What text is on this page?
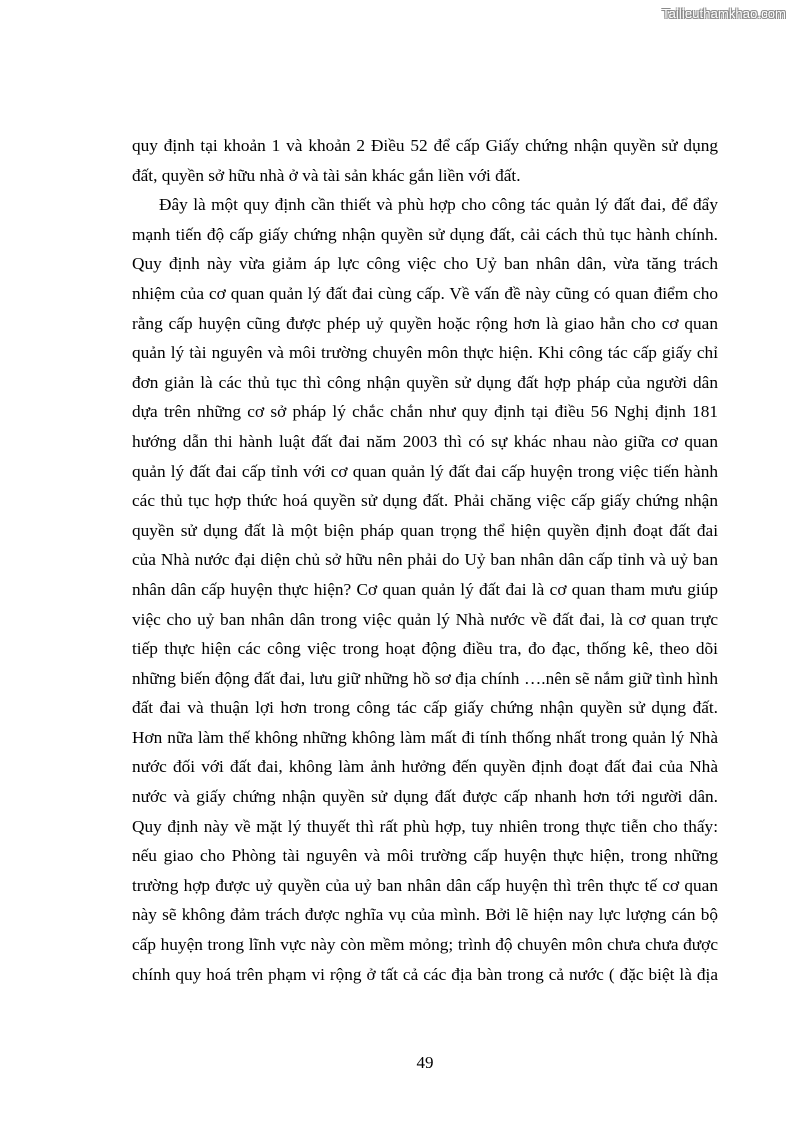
Tailieuthamkhao.com
quy định tại khoản 1 và khoản 2 Điều 52 để cấp Giấy chứng nhận quyền sử dụng
đất, quyền sở hữu nhà ở và tài sản khác gắn liền với đất.
Đây là một quy định cần thiết và phù hợp cho công tác quản lý đất đai, để đẩy
mạnh tiến độ cấp giấy chứng nhận quyền sử dụng đất, cải cách thủ tục hành chính.
Quy định này vừa giảm áp lực công việc cho Uỷ ban nhân dân, vừa tăng trách
nhiệm của cơ quan quản lý đất đai cùng cấp. Về vấn đề này cũng có quan điểm cho
rằng cấp huyện cũng được phép uỷ quyền hoặc rộng hơn là giao hẳn cho cơ quan
quản lý tài nguyên và môi trường chuyên môn thực hiện. Khi công tác cấp giấy chỉ
đơn giản là các thủ tục thì công nhận quyền sử dụng đất hợp pháp của người dân
dựa trên những cơ sở pháp lý chắc chắn như quy định tại điều 56 Nghị định 181
hướng dẫn thi hành luật đất đai năm 2003 thì có sự khác nhau nào giữa cơ quan
quản lý đất đai cấp tỉnh với cơ quan quản lý đất đai cấp huyện trong việc tiến hành
các thủ tục hợp thức hoá quyền sử dụng đất. Phải chăng việc cấp giấy chứng nhận
quyền sử dụng đất là một biện pháp quan trọng thể hiện quyền định đoạt đất đai
của Nhà nước đại diện chủ sở hữu nên phải do Uỷ ban nhân dân cấp tỉnh và uỷ ban
nhân dân cấp huyện thực hiện? Cơ quan quản lý đất đai là cơ quan tham mưu giúp
việc cho uỷ ban nhân dân trong việc quản lý Nhà nước về đất đai, là cơ quan trực
tiếp thực hiện các công việc trong hoạt động điều tra, đo đạc, thống kê, theo dõi
những biến động đất đai, lưu giữ những hồ sơ địa chính ….nên sẽ nắm giữ tình hình
đất đai và thuận lợi hơn trong công tác cấp giấy chứng nhận quyền sử dụng đất.
Hơn nữa làm thế không những không làm mất đi tính thống nhất trong quản lý Nhà
nước đối với đất đai, không làm ảnh hưởng đến quyền định đoạt đất đai của Nhà
nước và giấy chứng nhận quyền sử dụng đất được cấp nhanh hơn tới người dân.
Quy định này về mặt lý thuyết thì rất phù hợp, tuy nhiên trong thực tiễn cho thấy:
nếu giao cho Phòng tài nguyên và môi trường cấp huyện thực hiện, trong những
trường hợp được uỷ quyền của uỷ ban nhân dân cấp huyện thì trên thực tế cơ quan
này sẽ không đảm trách được nghĩa vụ của mình. Bởi lẽ hiện nay lực lượng cán bộ
cấp huyện trong lĩnh vực này còn mềm mỏng; trình độ chuyên môn chưa chưa được
chính quy hoá trên phạm vi rộng ở tất cả các địa bàn trong cả nước ( đặc biệt là địa
49
